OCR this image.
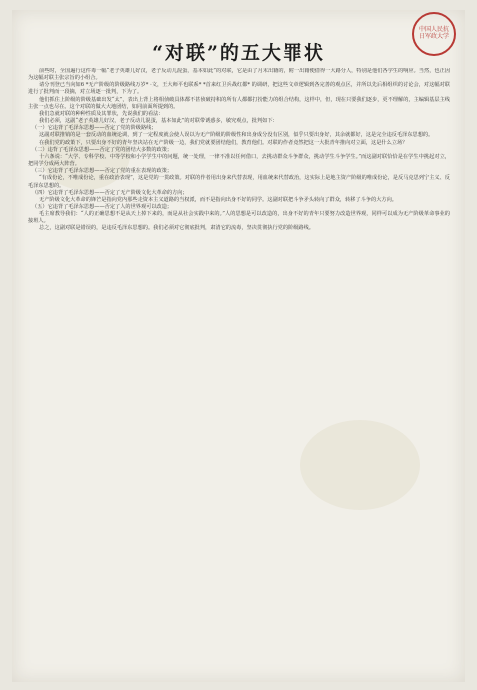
中国人民抗日军政大学
“对联”的五大罪状

前些时，全国遍行这件毒一幅“老子英雄儿好汉，老子反动儿混蛋，基本如此”的对联，它是由了月末出籍的，附一出籍便借得一大路分人，特别是他们各学生的响应。当然，也正因为这幅对联主张宗旨的小组合。

请分刊登已当向如6 *无产阶级的阶级路线万岁* ·文，王大师平也联系* *首来红卫兵战红都* 的调研，把这些文章逻辑到各完善的观点区，并所以先后相组织的讨论会，对这幅对联进行了批判而一段摘，对立场逐一批判，下为了。

他们抓住上阶级的阶级基础出发“太”，表出上背上将相侦破具体都不甚侦破持积的所有人都都打扮能力的组合结构，这样中，但，现在只要我们逐步，更不理解的，主编辑基层主线主张一点也尽在。这个对联的做大大地团结，如同前面所提到的。

我们急就对联的种种性质及其罪状，先说我们的看法：

我们必须，这副“老子英雄儿好汉，老子反动儿混蛋，基本如此”的对联带诱惑多，敏究观点，批判如下：

（一）它违背了毛泽东思想——否定了党的阶级路线；

这副对联推销的是一套反动的血统论调，到了一定程度就会使人误以为无产阶级的阶级性和出身成分没有区别，似乎只要出身好，其余就都好，这是完全违反毛泽东思想的。

在我们党的政策下，只要出身不好的青年坚决站在无产阶级一边，我们党就要团结他们，教育他们。对联的作者竟然把这一大批青年推向对立面，这是什么立场？

（二）违背了毛泽东思想——否定了党的团结大多数的政策；

十六条说：“大学、专科学校、中等学校和小学学生中的问题，统一处理，一律不准以任何借口，去挑动群众斗争群众，挑动学生斗争学生。”而这副对联恰恰是在学生中挑起对立，把同学分成两大阵营。

（三）它违背了毛泽东思想——否定了党的重在表现的政策；

“有成份论，不唯成份论，重在政治表现”，这是党的一贯政策。对联的作者用出身来代替表现，用血统来代替政治，这实际上是地主资产阶级的唯成份论，是反马克思列宁主义、反毛泽东思想的。

（四）它违背了毛泽东思想——否定了无产阶级文化大革命的方向；

无产阶级文化大革命的锋芒是指向党内那些走资本主义道路的当权派，而不是指向出身不好的同学。这副对联把斗争矛头转向了群众，转移了斗争的大方向。

（五）它违背了毛泽东思想——否定了人的世界观可以改造；

毛主席教导我们：“人的正确思想不是从天上掉下来的，而是从社会实践中来的。”人的思想是可以改造的，出身不好的青年只要努力改造世界观，同样可以成为无产阶级革命事业的接班人。

总之，这副对联是错误的，是违反毛泽东思想的。我们必须对它彻底批判，肃清它的流毒，坚决贯彻执行党的阶级路线。
